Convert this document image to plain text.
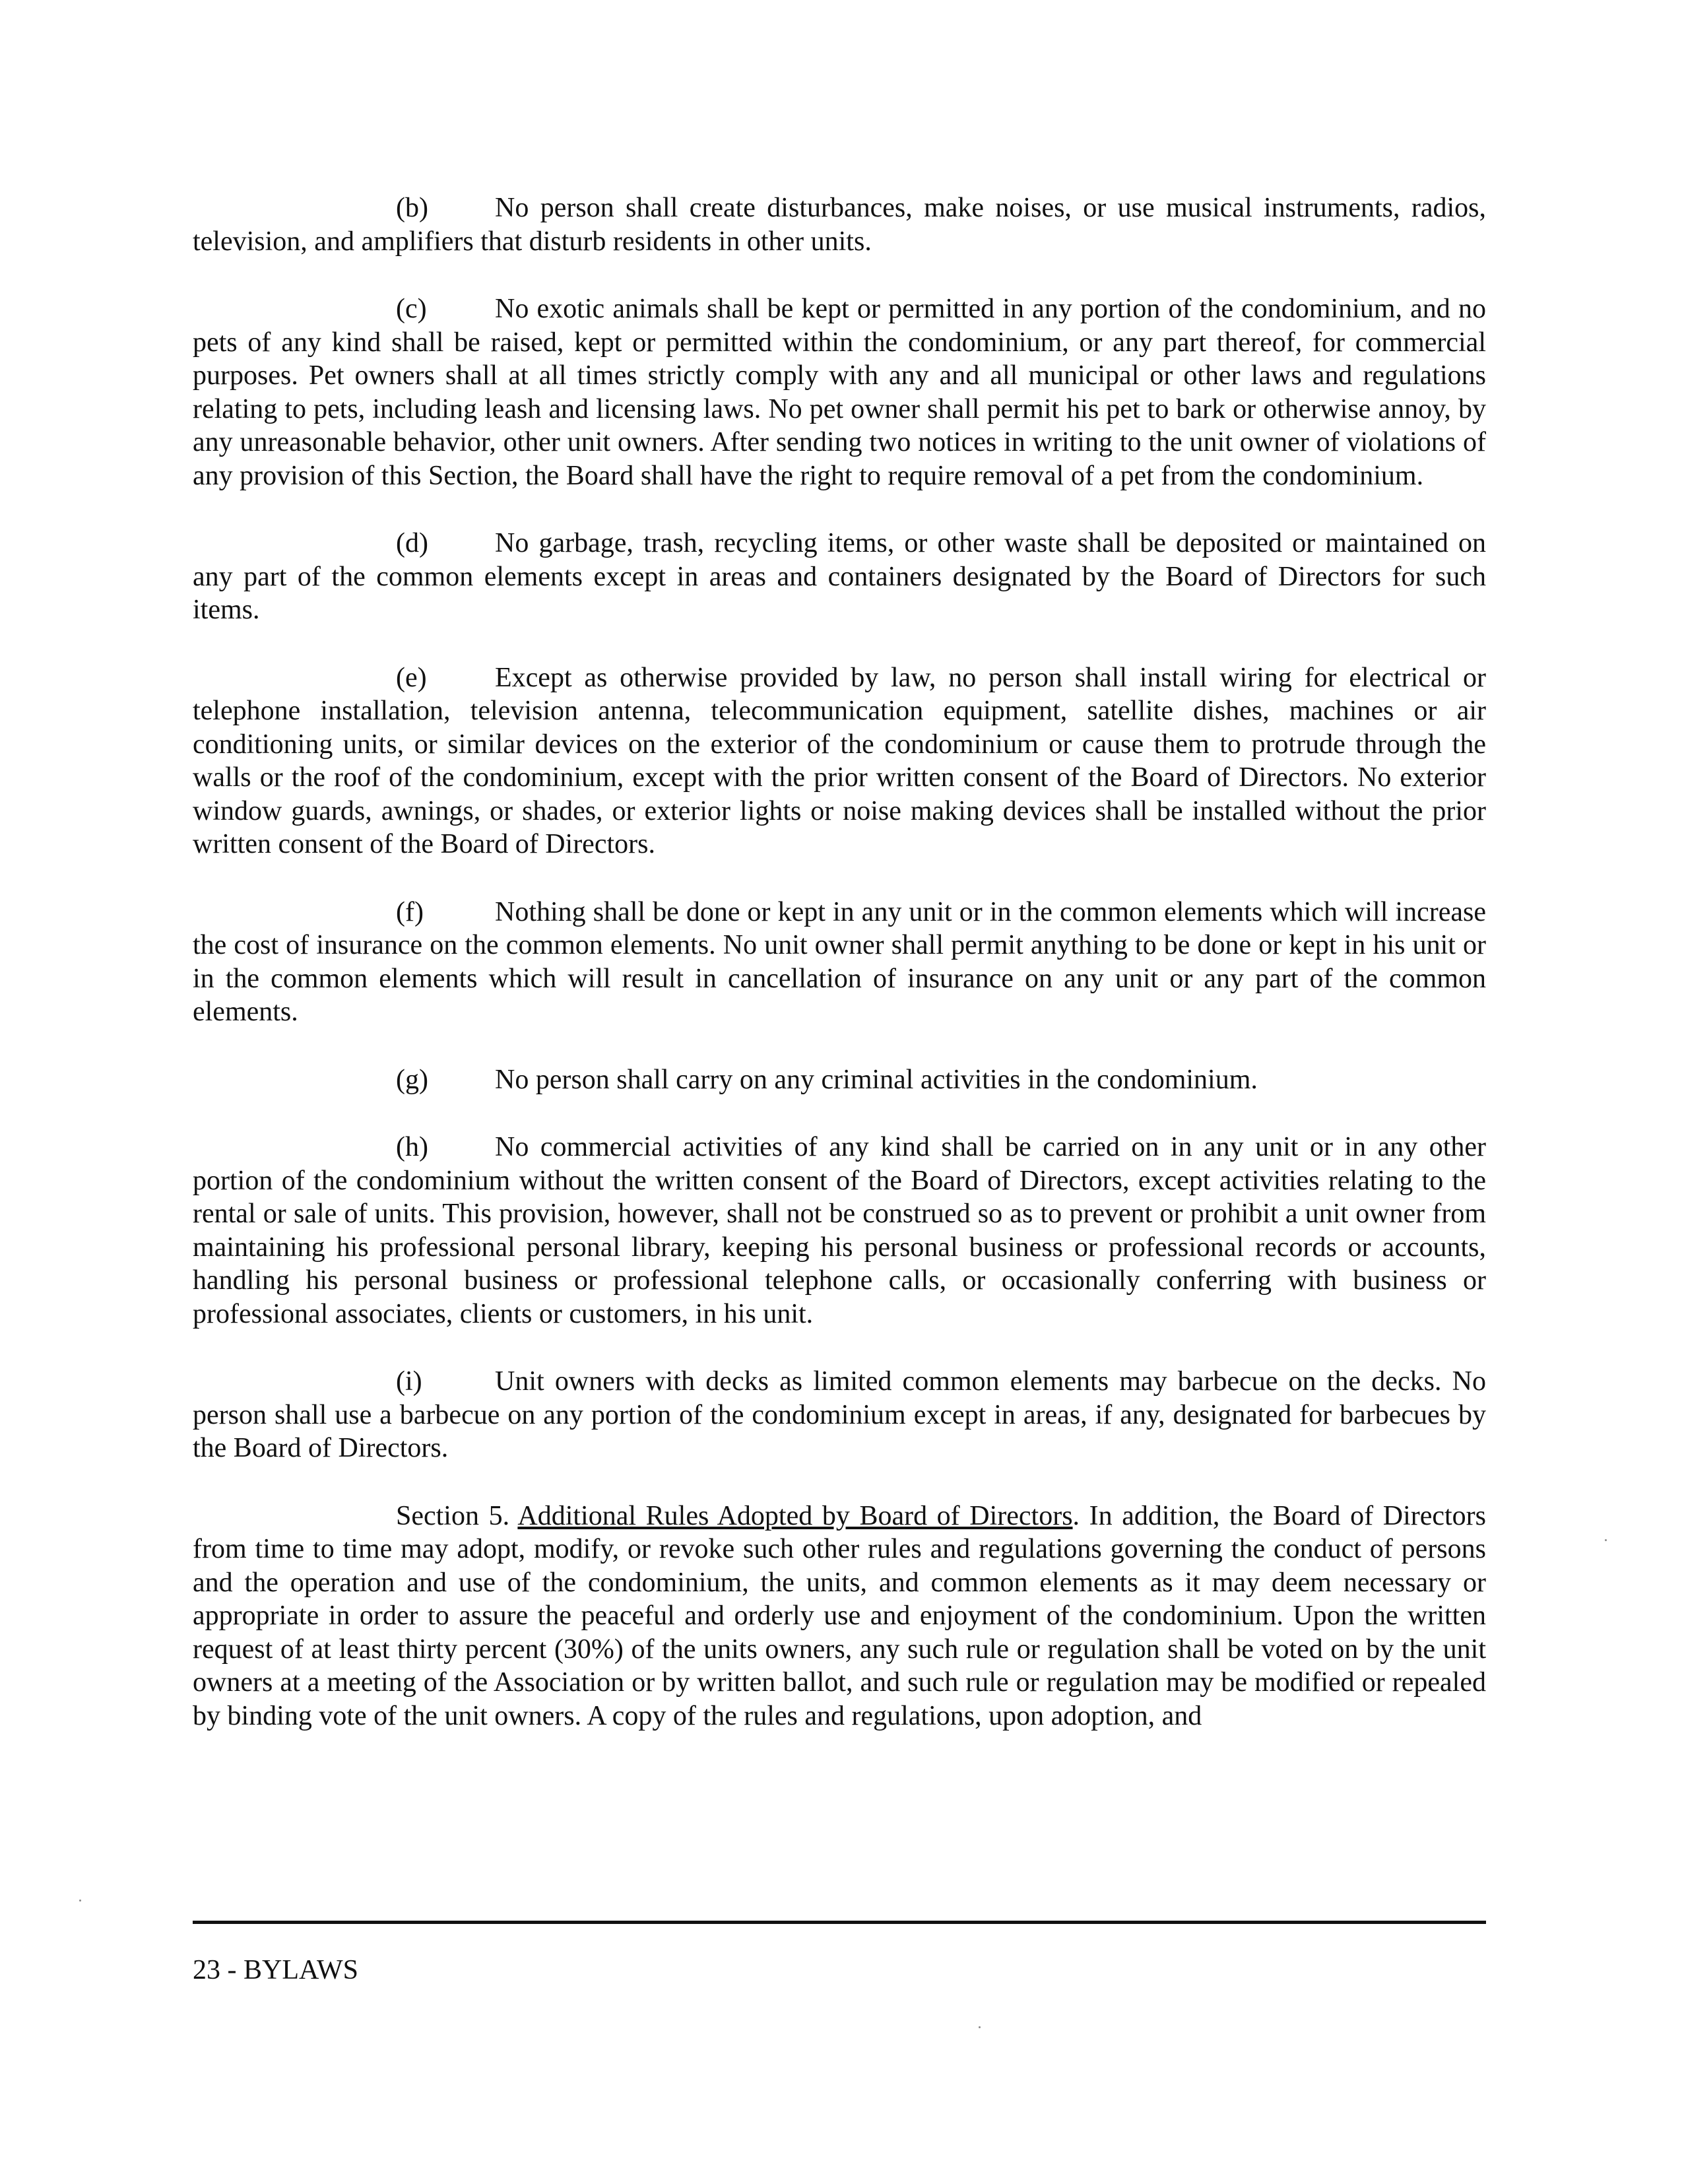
(b) No person shall create disturbances, make noises, or use musical instruments, radios, television, and amplifiers that disturb residents in other units.

(c) No exotic animals shall be kept or permitted in any portion of the condominium, and no pets of any kind shall be raised, kept or permitted within the condominium, or any part thereof, for commercial purposes. Pet owners shall at all times strictly comply with any and all municipal or other laws and regulations relating to pets, including leash and licensing laws. No pet owner shall permit his pet to bark or otherwise annoy, by any unreasonable behavior, other unit owners. After sending two notices in writing to the unit owner of violations of any provision of this Section, the Board shall have the right to require removal of a pet from the condominium.

(d) No garbage, trash, recycling items, or other waste shall be deposited or maintained on any part of the common elements except in areas and containers designated by the Board of Directors for such items.

(e) Except as otherwise provided by law, no person shall install wiring for electrical or telephone installation, television antenna, telecommunication equipment, satellite dishes, machines or air conditioning units, or similar devices on the exterior of the condominium or cause them to protrude through the walls or the roof of the condominium, except with the prior written consent of the Board of Directors. No exterior window guards, awnings, or shades, or exterior lights or noise making devices shall be installed without the prior written consent of the Board of Directors.

(f)	Nothing shall be done or kept in any unit or in the common elements which will increase the cost of insurance on the common elements. No unit owner shall permit anything to be done or kept in his unit or in the common elements which will result in cancellation of insurance on any unit or any part of the common elements.

(g) No person shall carry on any criminal activities in the condominium.

(h) No commercial activities of any kind shall be carried on in any unit or in any other portion of the condominium without the written consent of the Board of Directors, except activities relating to the rental or sale of units. This provision, however, shall not be construed so as to prevent or prohibit a unit owner from maintaining his professional personal library, keeping his personal business or professional records or accounts, handling his personal business or professional telephone calls, or occasionally conferring with business or professional associates, clients or customers, in his unit.

(i)	Unit owners with decks as limited common elements may barbecue on the decks. No person shall use a barbecue on any portion of the condominium except in areas, if any, designated for barbecues by the Board of Directors.

Section 5. Additional Rules Adopted by Board of Directors. In addition, the Board of Directors from time to time may adopt, modify, or revoke such other rules and regulations governing the conduct of persons and the operation and use of the condominium, the units, and common elements as it may deem necessary or appropriate in order to assure the peaceful and orderly use and enjoyment of the condominium. Upon the written request of at least thirty percent (30%) of the units owners, any such rule or regulation shall be voted on by the unit owners at a meeting of the Association or by written ballot, and such rule or regulation may be modified or repealed by binding vote of the unit owners. A copy of the rules and regulations, upon adoption, and

23 - BYLAWS
